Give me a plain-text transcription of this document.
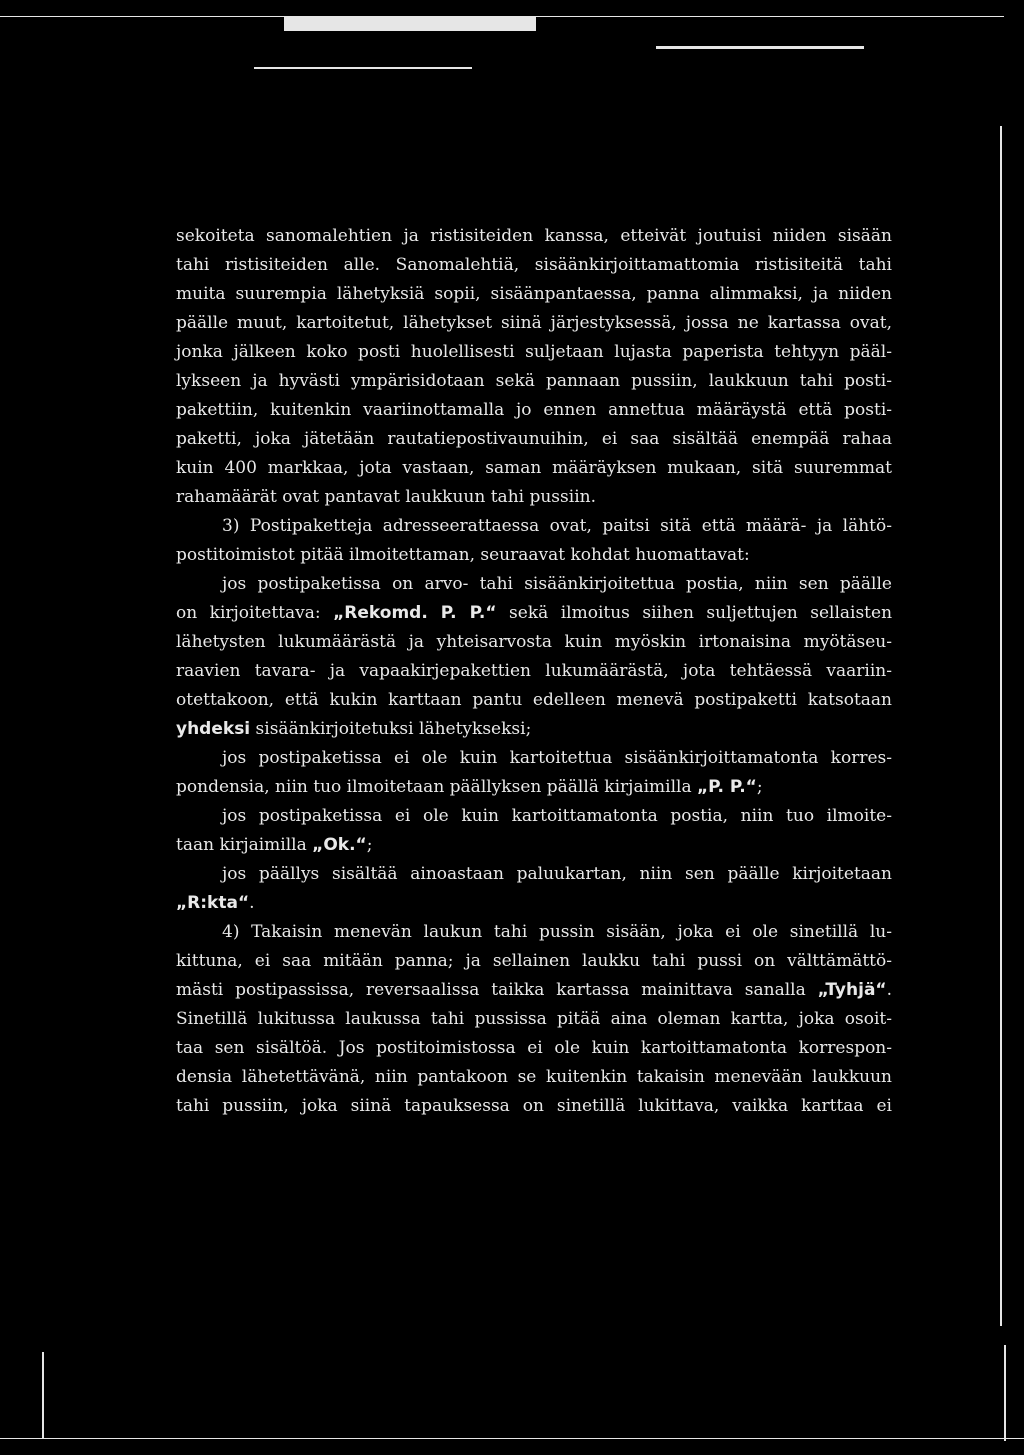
sekoiteta sanomalehtien ja ristisiteiden kanssa, etteivät joutuisi niiden sisään
tahi ristisiteiden alle. Sanomalehtiä, sisäänkirjoittamattomia ristisiteitä tahi
muita suurempia lähetyksiä sopii, sisäänpantaessa, panna alimmaksi, ja niiden
päälle muut, kartoitetut, lähetykset siinä järjestyksessä, jossa ne kartassa ovat,
jonka jälkeen koko posti huolellisesti suljetaan lujasta paperista tehtyyn pääl-
lykseen ja hyvästi ympärisidotaan sekä pannaan pussiin, laukkuun tahi posti-
pakettiin, kuitenkin vaariinottamalla jo ennen annettua määräystä että posti-
paketti, joka jätetään rautatiepostivaunuihin, ei saa sisältää enempää rahaa
kuin 400 markkaa, jota vastaan, saman määräyksen mukaan, sitä suuremmat
rahamäärät ovat pantavat laukkuun tahi pussiin.
3) Postipaketteja adresseerattaessa ovat, paitsi sitä että määrä- ja lähtö-
postitoimistot pitää ilmoitettaman, seuraavat kohdat huomattavat:
jos postipaketissa on arvo- tahi sisäänkirjoitettua postia, niin sen päälle
on kirjoitettava: „Rekomd. P. P.“ sekä ilmoitus siihen suljettujen sellaisten
lähetysten lukumäärästä ja yhteisarvosta kuin myöskin irtonaisina myötäseu-
raavien tavara- ja vapaakirjepakettien lukumäärästä, jota tehtäessä vaariin-
otettakoon, että kukin karttaan pantu edelleen menevä postipaketti katsotaan
yhdeksi sisäänkirjoitetuksi lähetykseksi;
jos postipaketissa ei ole kuin kartoitettua sisäänkirjoittamatonta korres-
pondensia, niin tuo ilmoitetaan päällyksen päällä kirjaimilla „P. P.“;
jos postipaketissa ei ole kuin kartoittamatonta postia, niin tuo ilmoite-
taan kirjaimilla „Ok.“;
jos päällys sisältää ainoastaan paluukartan, niin sen päälle kirjoitetaan
„R:kta“.
4) Takaisin menevän laukun tahi pussin sisään, joka ei ole sinetillä lu-
kittuna, ei saa mitään panna; ja sellainen laukku tahi pussi on välttämättö-
mästi postipassissa, reversaalissa taikka kartassa mainittava sanalla „Tyhjä“.
Sinetillä lukitussa laukussa tahi pussissa pitää aina oleman kartta, joka osoit-
taa sen sisältöä. Jos postitoimistossa ei ole kuin kartoittamatonta korrespon-
densia lähetettävänä, niin pantakoon se kuitenkin takaisin menevään laukkuun
tahi pussiin, joka siinä tapauksessa on sinetillä lukittava, vaikka karttaa ei
